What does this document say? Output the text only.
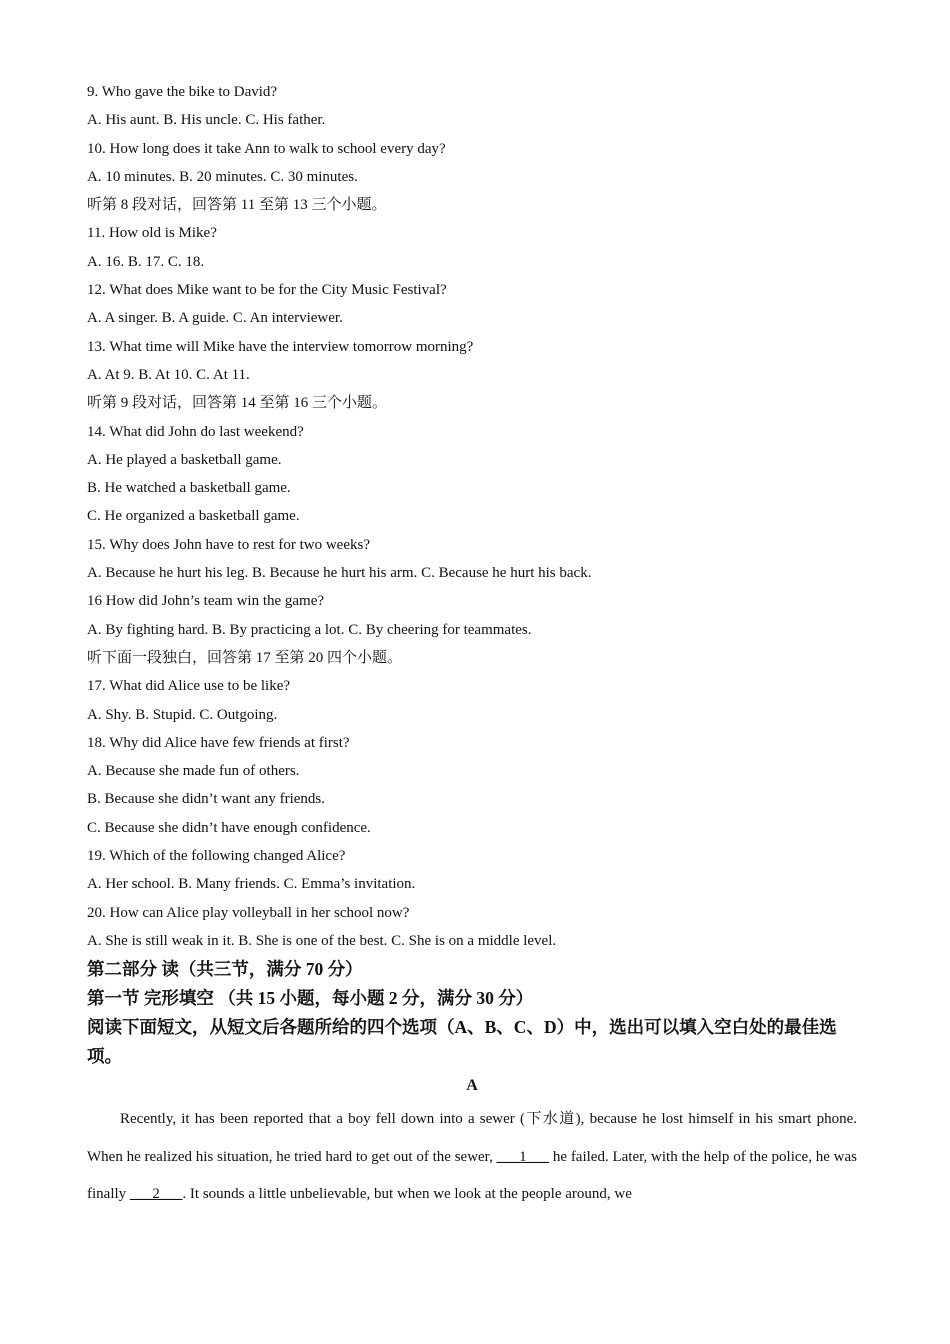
9. Who gave the bike to David?
A. His aunt. B. His uncle. C. His father.
10. How long does it take Ann to walk to school every day?
A. 10 minutes. B. 20 minutes. C. 30 minutes.
听第 8 段对话，回答第 11 至第 13 三个小题。
11. How old is Mike?
A. 16. B. 17. C. 18.
12. What does Mike want to be for the City Music Festival?
A. A singer. B. A guide. C. An interviewer.
13. What time will Mike have the interview tomorrow morning?
A. At 9. B. At 10. C. At 11.
听第 9 段对话，回答第 14 至第 16 三个小题。
14. What did John do last weekend?
A. He played a basketball game.
B. He watched a basketball game.
C. He organized a basketball game.
15. Why does John have to rest for two weeks?
A. Because he hurt his leg. B. Because he hurt his arm. C. Because he hurt his back.
16 How did John’s team win the game?
A. By fighting hard. B. By practicing a lot. C. By cheering for teammates.
听下面一段独白，回答第 17 至第 20 四个小题。
17. What did Alice use to be like?
A. Shy. B. Stupid. C. Outgoing.
18. Why did Alice have few friends at first?
A. Because she made fun of others.
B. Because she didn’t want any friends.
C. Because she didn’t have enough confidence.
19. Which of the following changed Alice?
A. Her school. B. Many friends. C. Emma’s invitation.
20. How can Alice play volleyball in her school now?
A. She is still weak in it. B. She is one of the best. C. She is on a middle level.
第二部分 读（共三节，满分 70 分）
第一节 完形填空 （共 15 小题，每小题 2 分，满分 30 分）
阅读下面短文，从短文后各题所给的四个选项（A、B、C、D）中，选出可以填入空白处的最佳选项。
A

Recently, it has been reported that a boy fell down into a sewer (下水道), because he lost himself in his smart phone. When he realized his situation, he tried hard to get out of the sewer, ___1___ he failed. Later, with the help of the police, he was finally ___2___. It sounds a little unbelievable, but when we look at the people around, we
